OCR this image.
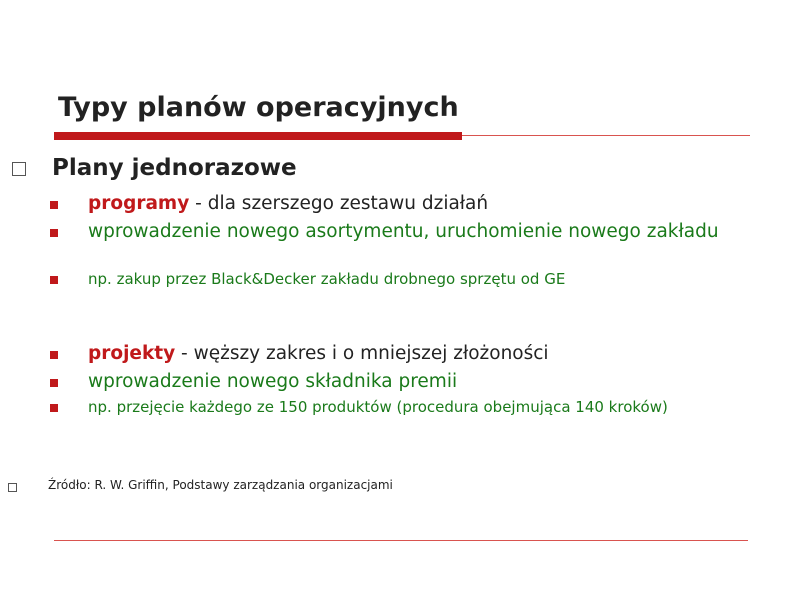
Typy planów operacyjnych
Plany jednorazowe
programy - dla szerszego zestawu działań
wprowadzenie nowego asortymentu, uruchomienie nowego zakładu
np. zakup przez Black&Decker zakładu drobnego sprzętu od GE
projekty - węższy zakres i o mniejszej złożoności
wprowadzenie nowego składnika premii
np. przejęcie każdego ze 150 produktów (procedura obejmująca 140 kroków)
Źródło: R. W. Griffin, Podstawy zarządzania organizacjami
